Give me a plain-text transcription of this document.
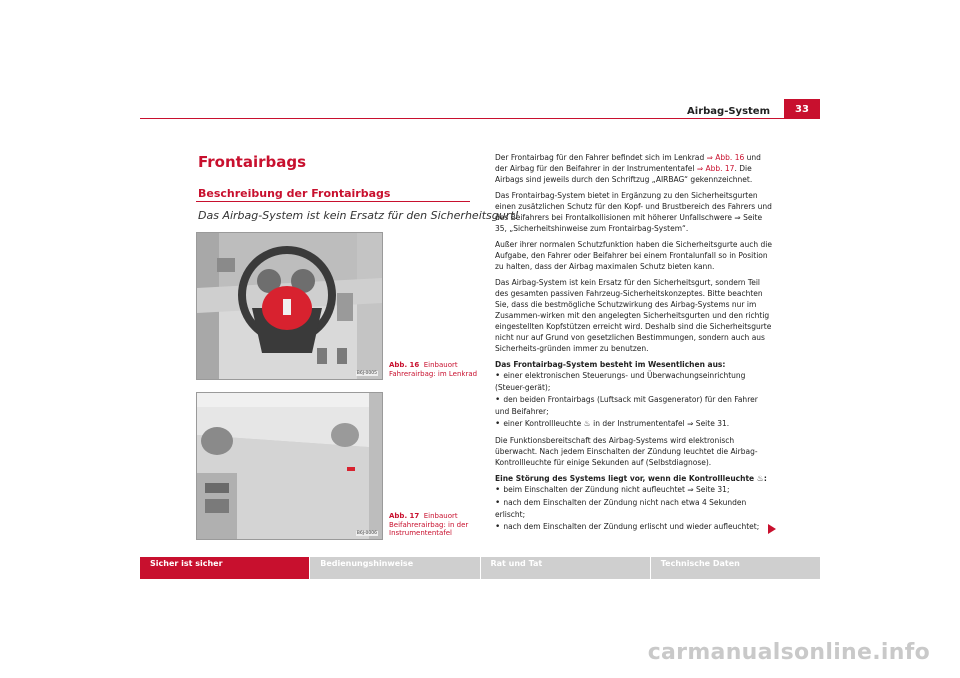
Airbag-System	33
Frontairbags
Beschreibung der Frontairbags
Das Airbag-System ist kein Ersatz für den Sicherheitsgurt!
B6J-0005
Abb. 16 Einbauort
Fahrerairbag: im Lenkrad
B6J-0006
Abb. 17 Einbauort
Beifahrerairbag: in der
Instrumententafel

Der Frontairbag für den Fahrer befindet sich im Lenkrad ⇒ Abb. 16 und der Airbag für den Beifahrer in der Instrumententafel ⇒ Abb. 17. Die Airbags sind jeweils durch den Schriftzug „AIRBAG“ gekennzeichnet.

Das Frontairbag-System bietet in Ergänzung zu den Sicherheitsgurten einen zusätzlichen Schutz für den Kopf- und Brustbereich des Fahrers und des Beifahrers bei Frontalkollisionen mit höherer Unfallschwere ⇒ Seite 35, „Sicherheitshinweise zum Frontairbag-System“.

Außer ihrer normalen Schutzfunktion haben die Sicherheitsgurte auch die Aufgabe, den Fahrer oder Beifahrer bei einem Frontalunfall so in Position zu halten, dass der Airbag maximalen Schutz bieten kann.

Das Airbag-System ist kein Ersatz für den Sicherheitsgurt, sondern Teil des gesamten passiven Fahrzeug-Sicherheitskonzeptes. Bitte beachten Sie, dass die bestmögliche Schutzwirkung des Airbag-Systems nur im Zusammen-wirken mit den angelegten Sicherheitsgurten und den richtig eingestellten Kopfstützen erreicht wird. Deshalb sind die Sicherheitsgurte nicht nur auf Grund von gesetzlichen Bestimmungen, sondern auch aus Sicherheits-gründen immer zu benutzen.

Das Frontairbag-System besteht im Wesentlichen aus:

• einer elektronischen Steuerungs- und Überwachungseinrichtung (Steuer-gerät);
• den beiden Frontairbags (Luftsack mit Gasgenerator) für den Fahrer und Beifahrer;
• einer Kontrollleuchte ♨ in der Instrumententafel ⇒ Seite 31.

Die Funktionsbereitschaft des Airbag-Systems wird elektronisch überwacht. Nach jedem Einschalten der Zündung leuchtet die Airbag-Kontrollleuchte für einige Sekunden auf (Selbstdiagnose).

Eine Störung des Systems liegt vor, wenn die Kontrollleuchte ♨:

• beim Einschalten der Zündung nicht aufleuchtet ⇒ Seite 31;
• nach dem Einschalten der Zündung nicht nach etwa 4 Sekunden erlischt;
• nach dem Einschalten der Zündung erlischt und wieder aufleuchtet;
Sicher ist sicher	Bedienungshinweise	Rat und Tat	Technische Daten
carmanualsonline.info
